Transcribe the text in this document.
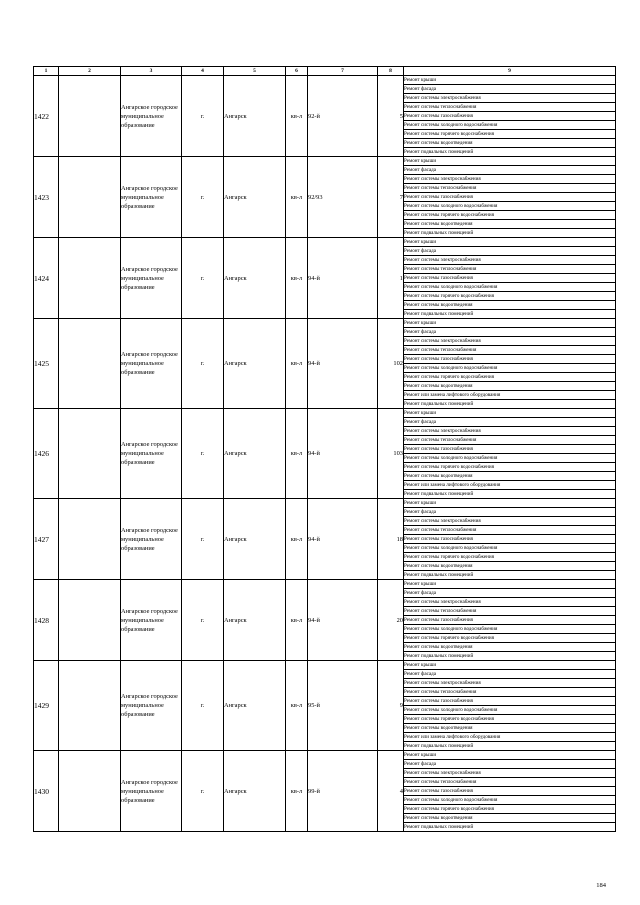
1	2	3	4	5	6	7	8	9
1422		Ангарское городское муниципальное образование	г.	Ангарск	кв-л	92-й	5	Ремонт крыши
								Ремонт фасада
								Ремонт системы электроснабжения
								Ремонт системы теплоснабжения
								Ремонт системы газоснабжения
								Ремонт системы холодного водоснабжения
								Ремонт системы горячего водоснабжения
								Ремонт системы водоотведения
								Ремонт подвальных помещений
1423		Ангарское городское муниципальное образование	г.	Ангарск	кв-л	92/93	7	Ремонт крыши
								Ремонт фасада
								Ремонт системы электроснабжения
								Ремонт системы теплоснабжения
								Ремонт системы газоснабжения
								Ремонт системы холодного водоснабжения
								Ремонт системы горячего водоснабжения
								Ремонт системы водоотведения
								Ремонт подвальных помещений
1424		Ангарское городское муниципальное образование	г.	Ангарск	кв-л	94-й	1	Ремонт крыши
								Ремонт фасада
								Ремонт системы электроснабжения
								Ремонт системы теплоснабжения
								Ремонт системы газоснабжения
								Ремонт системы холодного водоснабжения
								Ремонт системы горячего водоснабжения
								Ремонт системы водоотведения
								Ремонт подвальных помещений
1425		Ангарское городское муниципальное образование	г.	Ангарск	кв-л	94-й	102	Ремонт крыши
								Ремонт фасада
								Ремонт системы электроснабжения
								Ремонт системы теплоснабжения
								Ремонт системы газоснабжения
								Ремонт системы холодного водоснабжения
								Ремонт системы горячего водоснабжения
								Ремонт системы водоотведения
								Ремонт или замена лифтового оборудования
								Ремонт подвальных помещений
1426		Ангарское городское муниципальное образование	г.	Ангарск	кв-л	94-й	103	Ремонт крыши
								Ремонт фасада
								Ремонт системы электроснабжения
								Ремонт системы теплоснабжения
								Ремонт системы газоснабжения
								Ремонт системы холодного водоснабжения
								Ремонт системы горячего водоснабжения
								Ремонт системы водоотведения
								Ремонт или замена лифтового оборудования
								Ремонт подвальных помещений
1427		Ангарское городское муниципальное образование	г.	Ангарск	кв-л	94-й	18	Ремонт крыши
								Ремонт фасада
								Ремонт системы электроснабжения
								Ремонт системы теплоснабжения
								Ремонт системы газоснабжения
								Ремонт системы холодного водоснабжения
								Ремонт системы горячего водоснабжения
								Ремонт системы водоотведения
								Ремонт подвальных помещений
1428		Ангарское городское муниципальное образование	г.	Ангарск	кв-л	94-й	20	Ремонт крыши
								Ремонт фасада
								Ремонт системы электроснабжения
								Ремонт системы теплоснабжения
								Ремонт системы газоснабжения
								Ремонт системы холодного водоснабжения
								Ремонт системы горячего водоснабжения
								Ремонт системы водоотведения
								Ремонт подвальных помещений
1429		Ангарское городское муниципальное образование	г.	Ангарск	кв-л	95-й	9	Ремонт крыши
								Ремонт фасада
								Ремонт системы электроснабжения
								Ремонт системы теплоснабжения
								Ремонт системы газоснабжения
								Ремонт системы холодного водоснабжения
								Ремонт системы горячего водоснабжения
								Ремонт системы водоотведения
								Ремонт или замена лифтового оборудования
								Ремонт подвальных помещений
1430		Ангарское городское муниципальное образование	г.	Ангарск	кв-л	99-й	4	Ремонт крыши
								Ремонт фасада
								Ремонт системы электроснабжения
								Ремонт системы теплоснабжения
								Ремонт системы газоснабжения
								Ремонт системы холодного водоснабжения
								Ремонт системы горячего водоснабжения
								Ремонт системы водоотведения
								Ремонт подвальных помещений
184
